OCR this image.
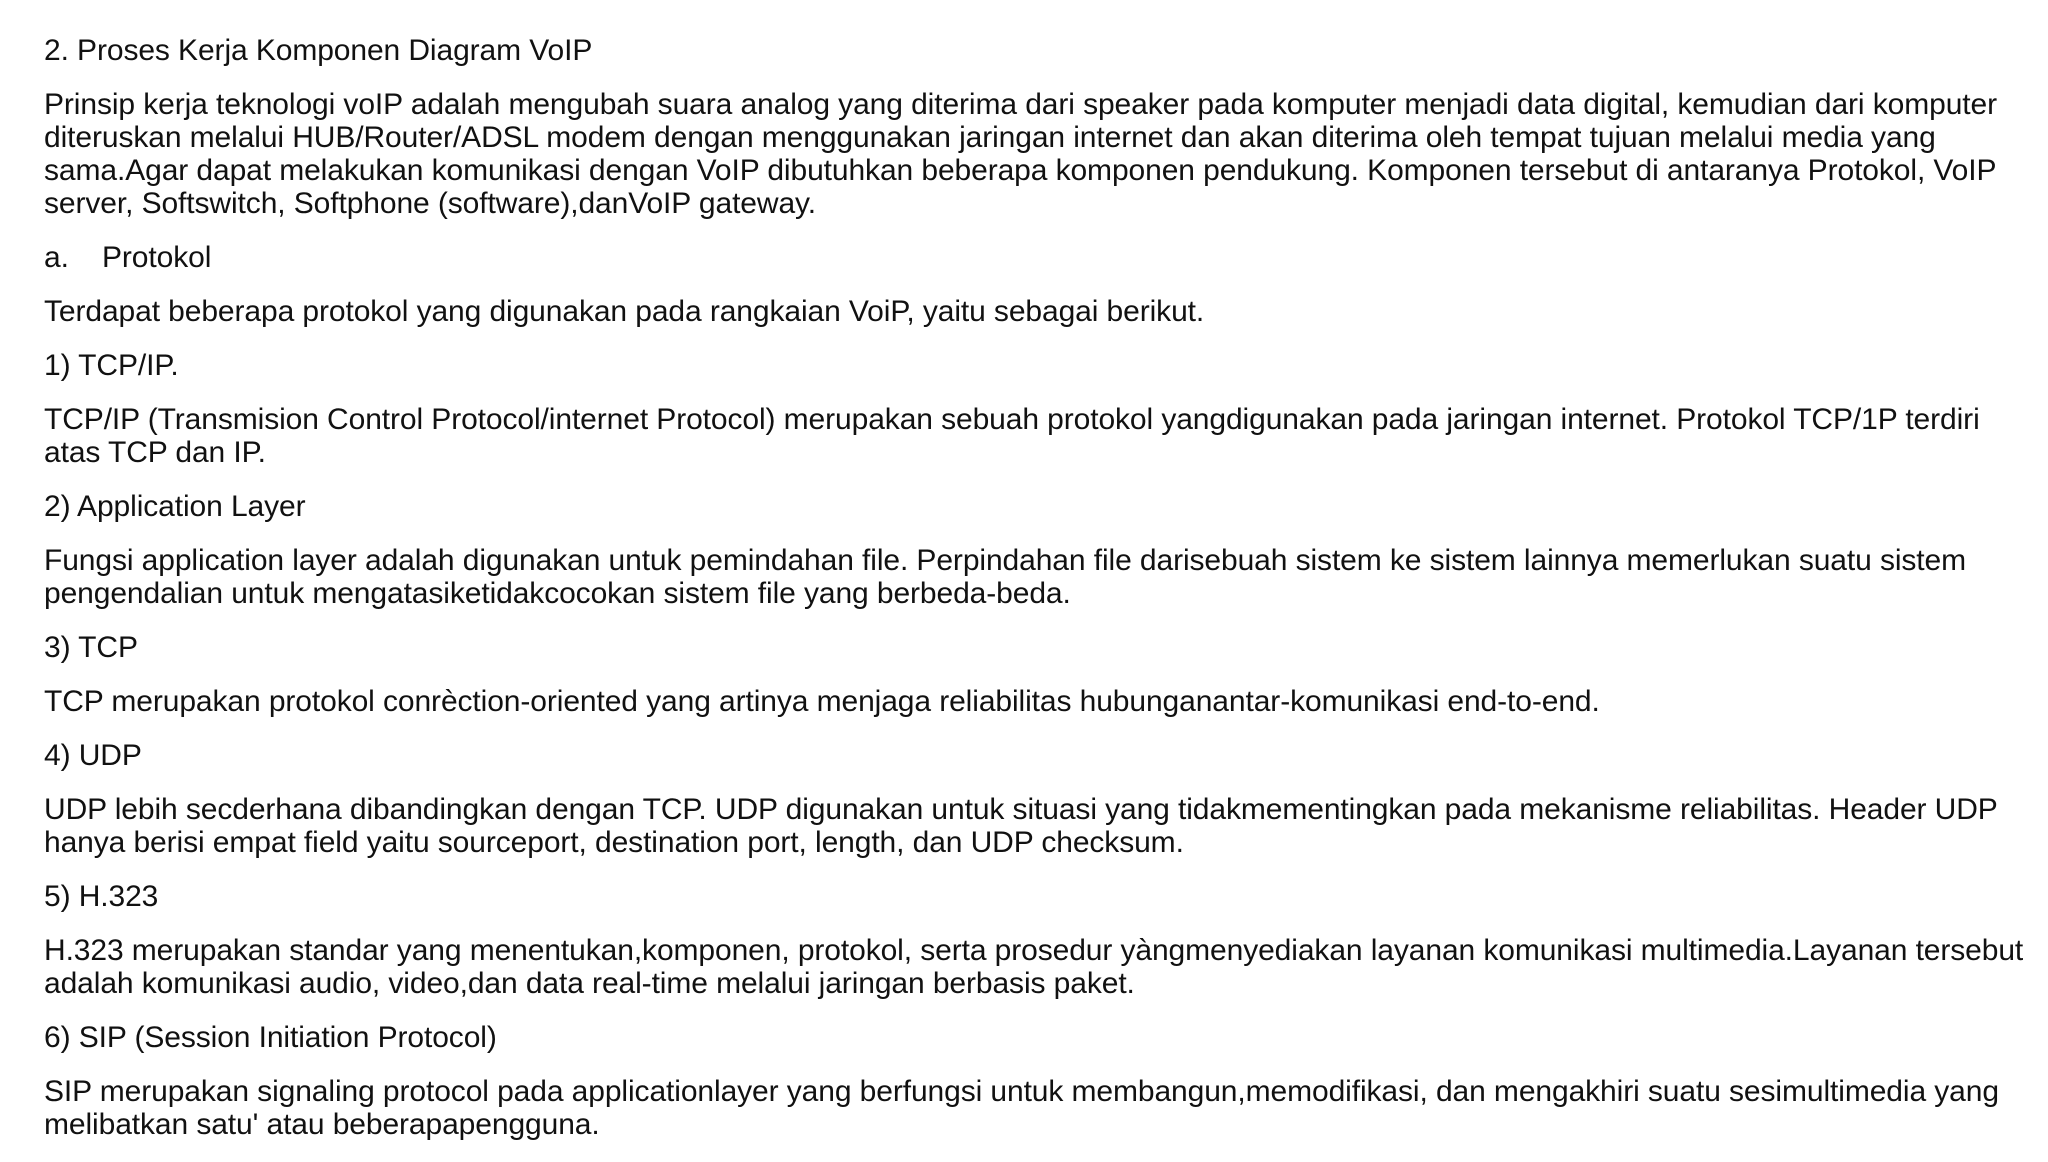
2. Proses Kerja Komponen Diagram VoIP
Prinsip kerja teknologi voIP adalah mengubah suara analog yang diterima dari speaker pada komputer menjadi data digital, kemudian dari komputer diteruskan melalui HUB/Router/ADSL modem dengan menggunakan jaringan internet dan akan diterima oleh tempat tujuan melalui media yang sama.Agar dapat melakukan komunikasi dengan VoIP dibutuhkan beberapa komponen pendukung. Komponen tersebut di antaranya Protokol, VoIP server, Softswitch, Softphone (software),danVoIP gateway.
a.	Protokol
Terdapat beberapa protokol yang digunakan pada rangkaian VoiP, yaitu sebagai berikut.
1) TCP/IP.
TCP/IP (Transmision Control Protocol/internet Protocol) merupakan sebuah protokol yangdigunakan pada jaringan internet. Protokol TCP/1P terdiri atas TCP dan IP.
2) Application Layer
Fungsi application layer adalah digunakan untuk pemindahan file. Perpindahan file darisebuah sistem ke sistem lainnya memerlukan suatu sistem pengendalian untuk mengatasiketidakcocokan sistem file yang berbeda-beda.
3) TCP
TCP merupakan protokol conrèction-oriented yang artinya menjaga reliabilitas hubunganantar-komunikasi end-to-end.
4) UDP
UDP lebih secderhana dibandingkan dengan TCP. UDP digunakan untuk situasi yang tidakmementingkan pada mekanisme reliabilitas. Header UDP hanya berisi empat field yaitu sourceport, destination port, length, dan UDP checksum.
5) H.323
H.323 merupakan standar yang menentukan,komponen, protokol, serta prosedur yàngmenyediakan layanan komunikasi multimedia.Layanan tersebut adalah komunikasi audio, video,dan data real-time melalui jaringan berbasis paket.
6) SIP (Session Initiation Protocol)
SIP merupakan signaling protocol pada applicationlayer yang berfungsi untuk membangun,memodifikasi, dan mengakhiri suatu sesimultimedia yang melibatkan satu' atau beberapapengguna.
